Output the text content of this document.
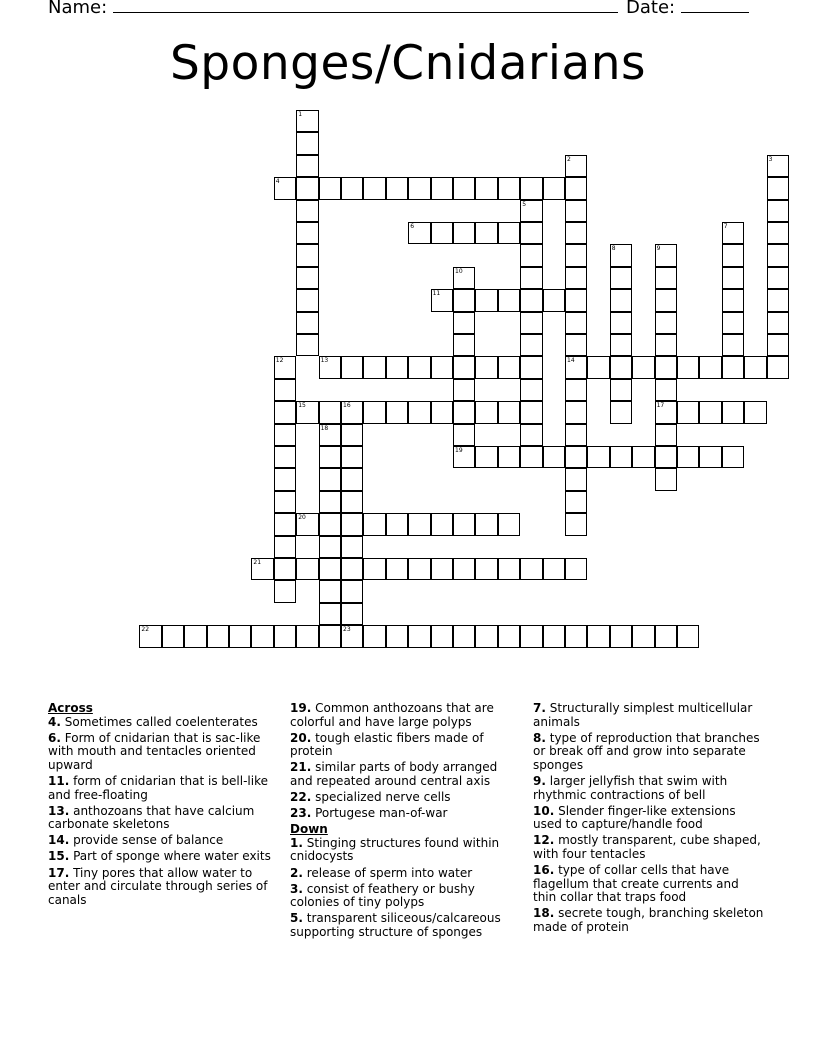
Name:	Date:
Sponges/Cnidarians
1
2	3
4
5
6	7
8	9
10
11
12	13	14
15	16	17
18
19
20
21
22	23
Across
4. Sometimes called coelenterates
6. Form of cnidarian that is sac-like with mouth and tentacles oriented upward
11. form of cnidarian that is bell-like and free-floating
13. anthozoans that have calcium carbonate skeletons
14. provide sense of balance
15. Part of sponge where water exits
17. Tiny pores that allow water to enter and circulate through series of canals
19. Common anthozoans that are colorful and have large polyps
20. tough elastic fibers made of protein
21. similar parts of body arranged and repeated around central axis
22. specialized nerve cells
23. Portugese man-of-war
Down
1. Stinging structures found within cnidocysts
2. release of sperm into water
3. consist of feathery or bushy colonies of tiny polyps
5. transparent siliceous/calcareous supporting structure of sponges
7. Structurally simplest multicellular animals
8. type of reproduction that branches or break off and grow into separate sponges
9. larger jellyfish that swim with rhythmic contractions of bell
10. Slender finger-like extensions used to capture/handle food
12. mostly transparent, cube shaped, with four tentacles
16. type of collar cells that have flagellum that create currents and thin collar that traps food
18. secrete tough, branching skeleton made of protein
